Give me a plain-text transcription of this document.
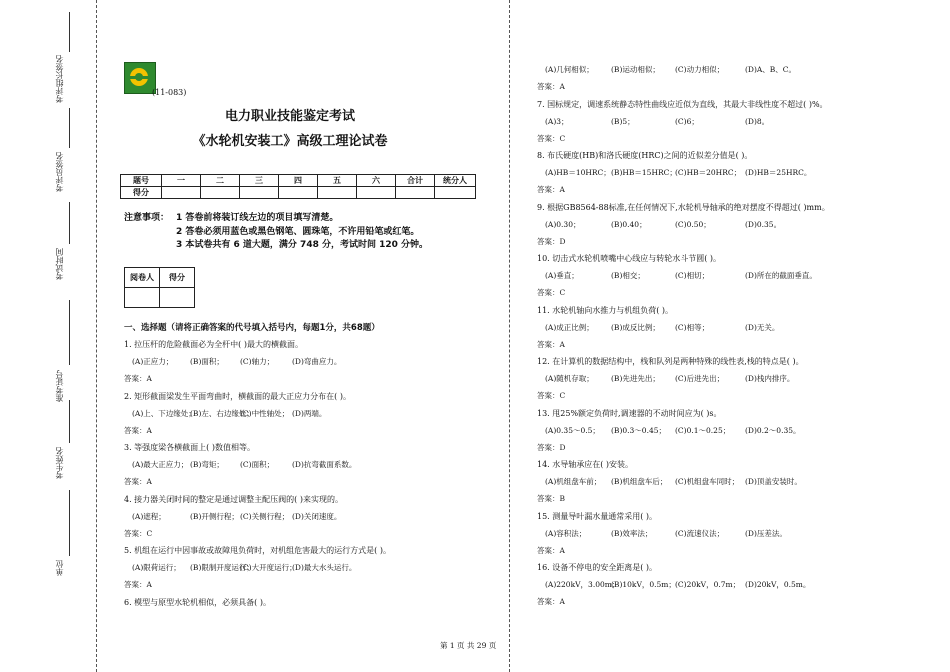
考评组长签名
考评员签名
考试时间
准考证号
考生姓名
单位
(11-083)
电力职业技能鉴定考试
《水轮机安装工》高级工理论试卷
题号	一	二	三	四	五	六	合计	统分人
得分								
注意事项： 1 答卷前将装订线左边的项目填写清楚。
2 答卷必须用蓝色或黑色钢笔、圆珠笔，不许用铅笔或红笔。
3 本试卷共有 6 道大题，满分 748 分，考试时间 120 分钟。
阅卷人	得分

一、选择题（请将正确答案的代号填入括号内，每题1分，共68题）
1. 拉压杆的危险截面必为全杆中( )最大的横截面。
(A)正应力； (B)面积； (C)轴力； (D)弯曲应力。
答案：A
2. 矩形截面梁发生平面弯曲时，横截面的最大正应力分布在( )。
(A)上、下边缘处；
(B)左、右边缘处；
(C)中性轴处； (D)两端。
答案：A
3. 等强度梁各横截面上( )数值相等。
(A)最大正应力； (B)弯矩； (C)面积； (D)抗弯截面系数。
答案：A
4. 接力器关闭时间的整定是通过调整主配压阀的( )来实现的。
(A)遮程；	(B)开侧行程； (C)关侧行程； (D)关闭速度。
答案：C
5. 机组在运行中因事故或故障甩负荷时，对机组危害最大的运行方式是( )。
(A)限荷运行； (B)限制开度运行；
(C)大开度运行；
(D)最大水头运行。
答案：A
6. 模型与原型水轮机相似，必须具备( )。
(A)几何相似； (B)运动相似； (C)动力相似；	(D)A、B、C。
答案：A
7. 国标规定，调速系统静态特性曲线应近似为直线，其最大非线性度不超过( )%。
(A)3；	(B)5；	(C)6；	(D)8。
答案：C
8. 布氏硬度(HB)和洛氏硬度(HRC)之间的近似差分值是( )。
(A)HB＝10HRC； (B)HB＝15HRC；
(C)HB＝20HRC； (D)HB＝25HRC。
答案：A
9. 根据GB8564-88标准,在任何情况下,水轮机导轴承的绝对摆度不得超过( )mm。
(A)0.30；	(B)0.40；	(C)0.50；	(D)0.35。
答案：D
10. 切击式水轮机喷嘴中心线应与转轮水斗节圆( )。
(A)垂直；	(B)相交；	(C)相切；	(D)所在的截面垂直。
答案：C
11. 水轮机轴向水推力与机组负荷( )。
(A)成正比例； (B)成反比例； (C)相等；	(D)无关。
答案：A
12. 在计算机的数据结构中，栈和队列是两种特殊的线性表,栈的特点是( )。
(A)随机存取； (B)先进先出； (C)后进先出；	(D)栈内排序。
答案：C
13. 甩25%额定负荷时,调速器的不动时间应为( )s。
(A)0.35～0.5； (B)0.3～0.45； (C)0.1～0.25； (D)0.2～0.35。
答案：D
14. 水导轴承应在( )安装。
(A)机组盘车前； (B)机组盘车后； (C)机组盘车同时； (D)顶盖安装时。
答案：B
15. 测量导叶漏水量通常采用( )。
(A)容积法；	(B)效率法；	(C)流速仪法；	(D)压差法。
答案：A
16. 设备不停电的安全距离是( )。
(A)220kV，3.00m；
(B)10kV，0.5m； (C)20kV，0.7m； (D)20kV，0.5m。
答案：A
第 1 页 共 29 页
